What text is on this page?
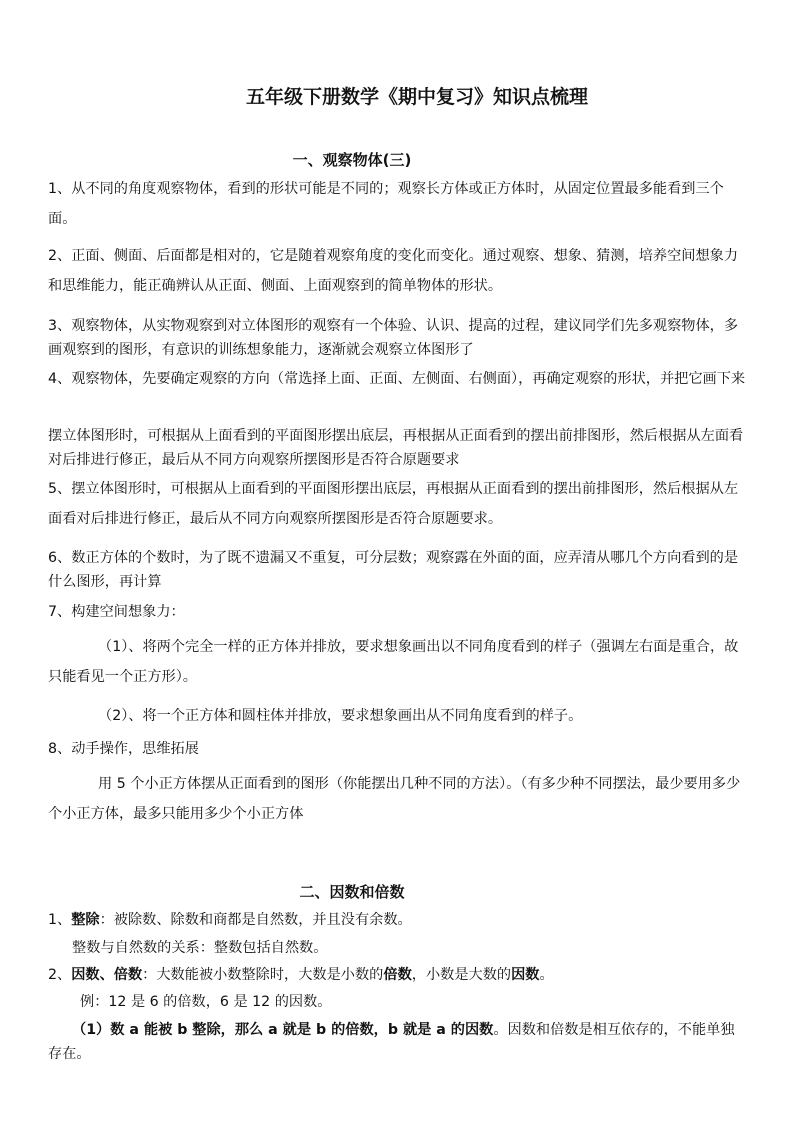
五年级下册数学《期中复习》知识点梳理
一、观察物体(三)

1、从不同的角度观察物体，看到的形状可能是不同的；观察长方体或正方体时，从固定位置最多能看到三个面。

2、正面、侧面、后面都是相对的，它是随着观察角度的变化而变化。通过观察、想象、猜测，培养空间想象力和思维能力，能正确辨认从正面、侧面、上面观察到的简单物体的形状。

3、观察物体，从实物观察到对立体图形的观察有一个体验、认识、提高的过程，建议同学们先多观察物体，多画观察到的图形，有意识的训练想象能力，逐渐就会观察立体图形了

4、观察物体，先要确定观察的方向（常选择上面、正面、左侧面、右侧面），再确定观察的形状，并把它画下来

摆立体图形时，可根据从上面看到的平面图形摆出底层，再根据从正面看到的摆出前排图形，然后根据从左面看对后排进行修正，最后从不同方向观察所摆图形是否符合原题要求

5、摆立体图形时，可根据从上面看到的平面图形摆出底层，再根据从正面看到的摆出前排图形，然后根据从左面看对后排进行修正，最后从不同方向观察所摆图形是否符合原题要求。

6、数正方体的个数时，为了既不遗漏又不重复，可分层数；观察露在外面的面，应弄清从哪几个方向看到的是什么图形，再计算

7、构建空间想象力：

（1）、将两个完全一样的正方体并排放，要求想象画出以不同角度看到的样子（强调左右面是重合，故只能看见一个正方形）。

（2）、将一个正方体和圆柱体并排放，要求想象画出从不同角度看到的样子。

8、动手操作，思维拓展

用 5 个小正方体摆从正面看到的图形（你能摆出几种不同的方法）。（有多少种不同摆法，最少要用多少个小正方体，最多只能用多少个小正方体

二、因数和倍数
1、整除：被除数、除数和商都是自然数，并且没有余数。
整数与自然数的关系：整数包括自然数。
2、因数、倍数：大数能被小数整除时，大数是小数的倍数，小数是大数的因数。
例：12 是 6 的倍数，6 是 12 的因数。
（1）数 a 能被 b 整除，那么 a 就是 b 的倍数，b 就是 a 的因数。因数和倍数是相互依存的，不能单独存在。
